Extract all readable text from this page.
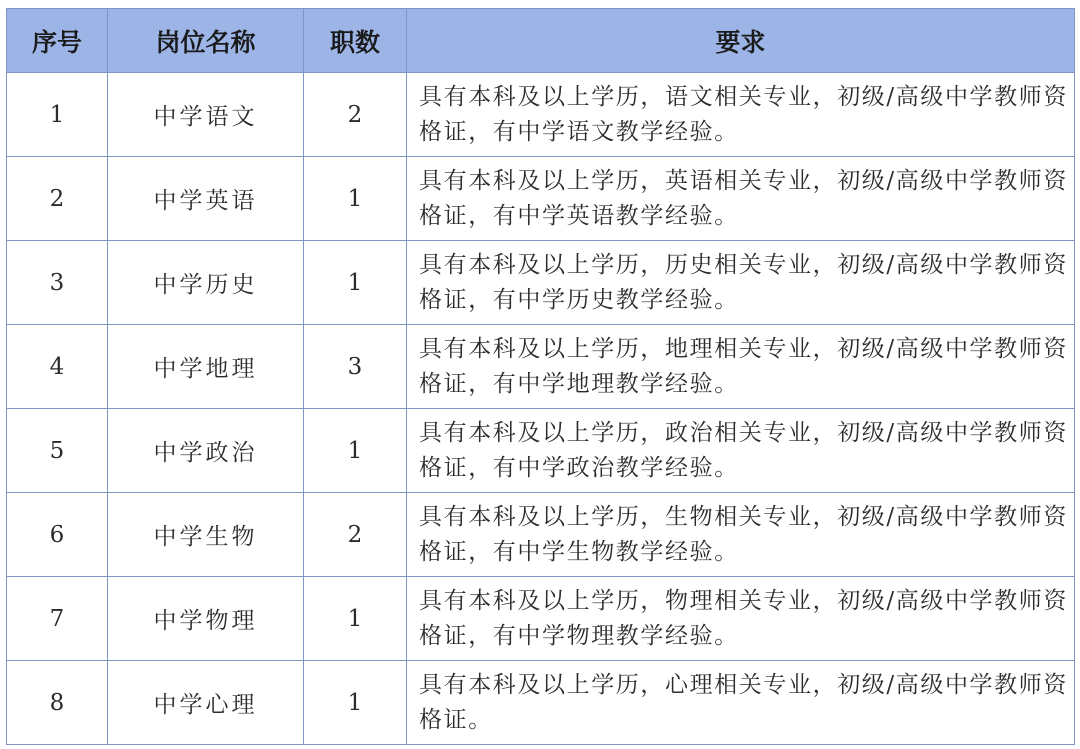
序号	岗位名称	职数	要求
1	中学语文	2	具有本科及以上学历，语文相关专业，初级/高级中学教师资格证，有中学语文教学经验。
2	中学英语	1	具有本科及以上学历，英语相关专业，初级/高级中学教师资格证，有中学英语教学经验。
3	中学历史	1	具有本科及以上学历，历史相关专业，初级/高级中学教师资格证，有中学历史教学经验。
4	中学地理	3	具有本科及以上学历，地理相关专业，初级/高级中学教师资格证，有中学地理教学经验。
5	中学政治	1	具有本科及以上学历，政治相关专业，初级/高级中学教师资格证，有中学政治教学经验。
6	中学生物	2	具有本科及以上学历，生物相关专业，初级/高级中学教师资格证，有中学生物教学经验。
7	中学物理	1	具有本科及以上学历，物理相关专业，初级/高级中学教师资格证，有中学物理教学经验。
8	中学心理	1	具有本科及以上学历，心理相关专业，初级/高级中学教师资格证。
